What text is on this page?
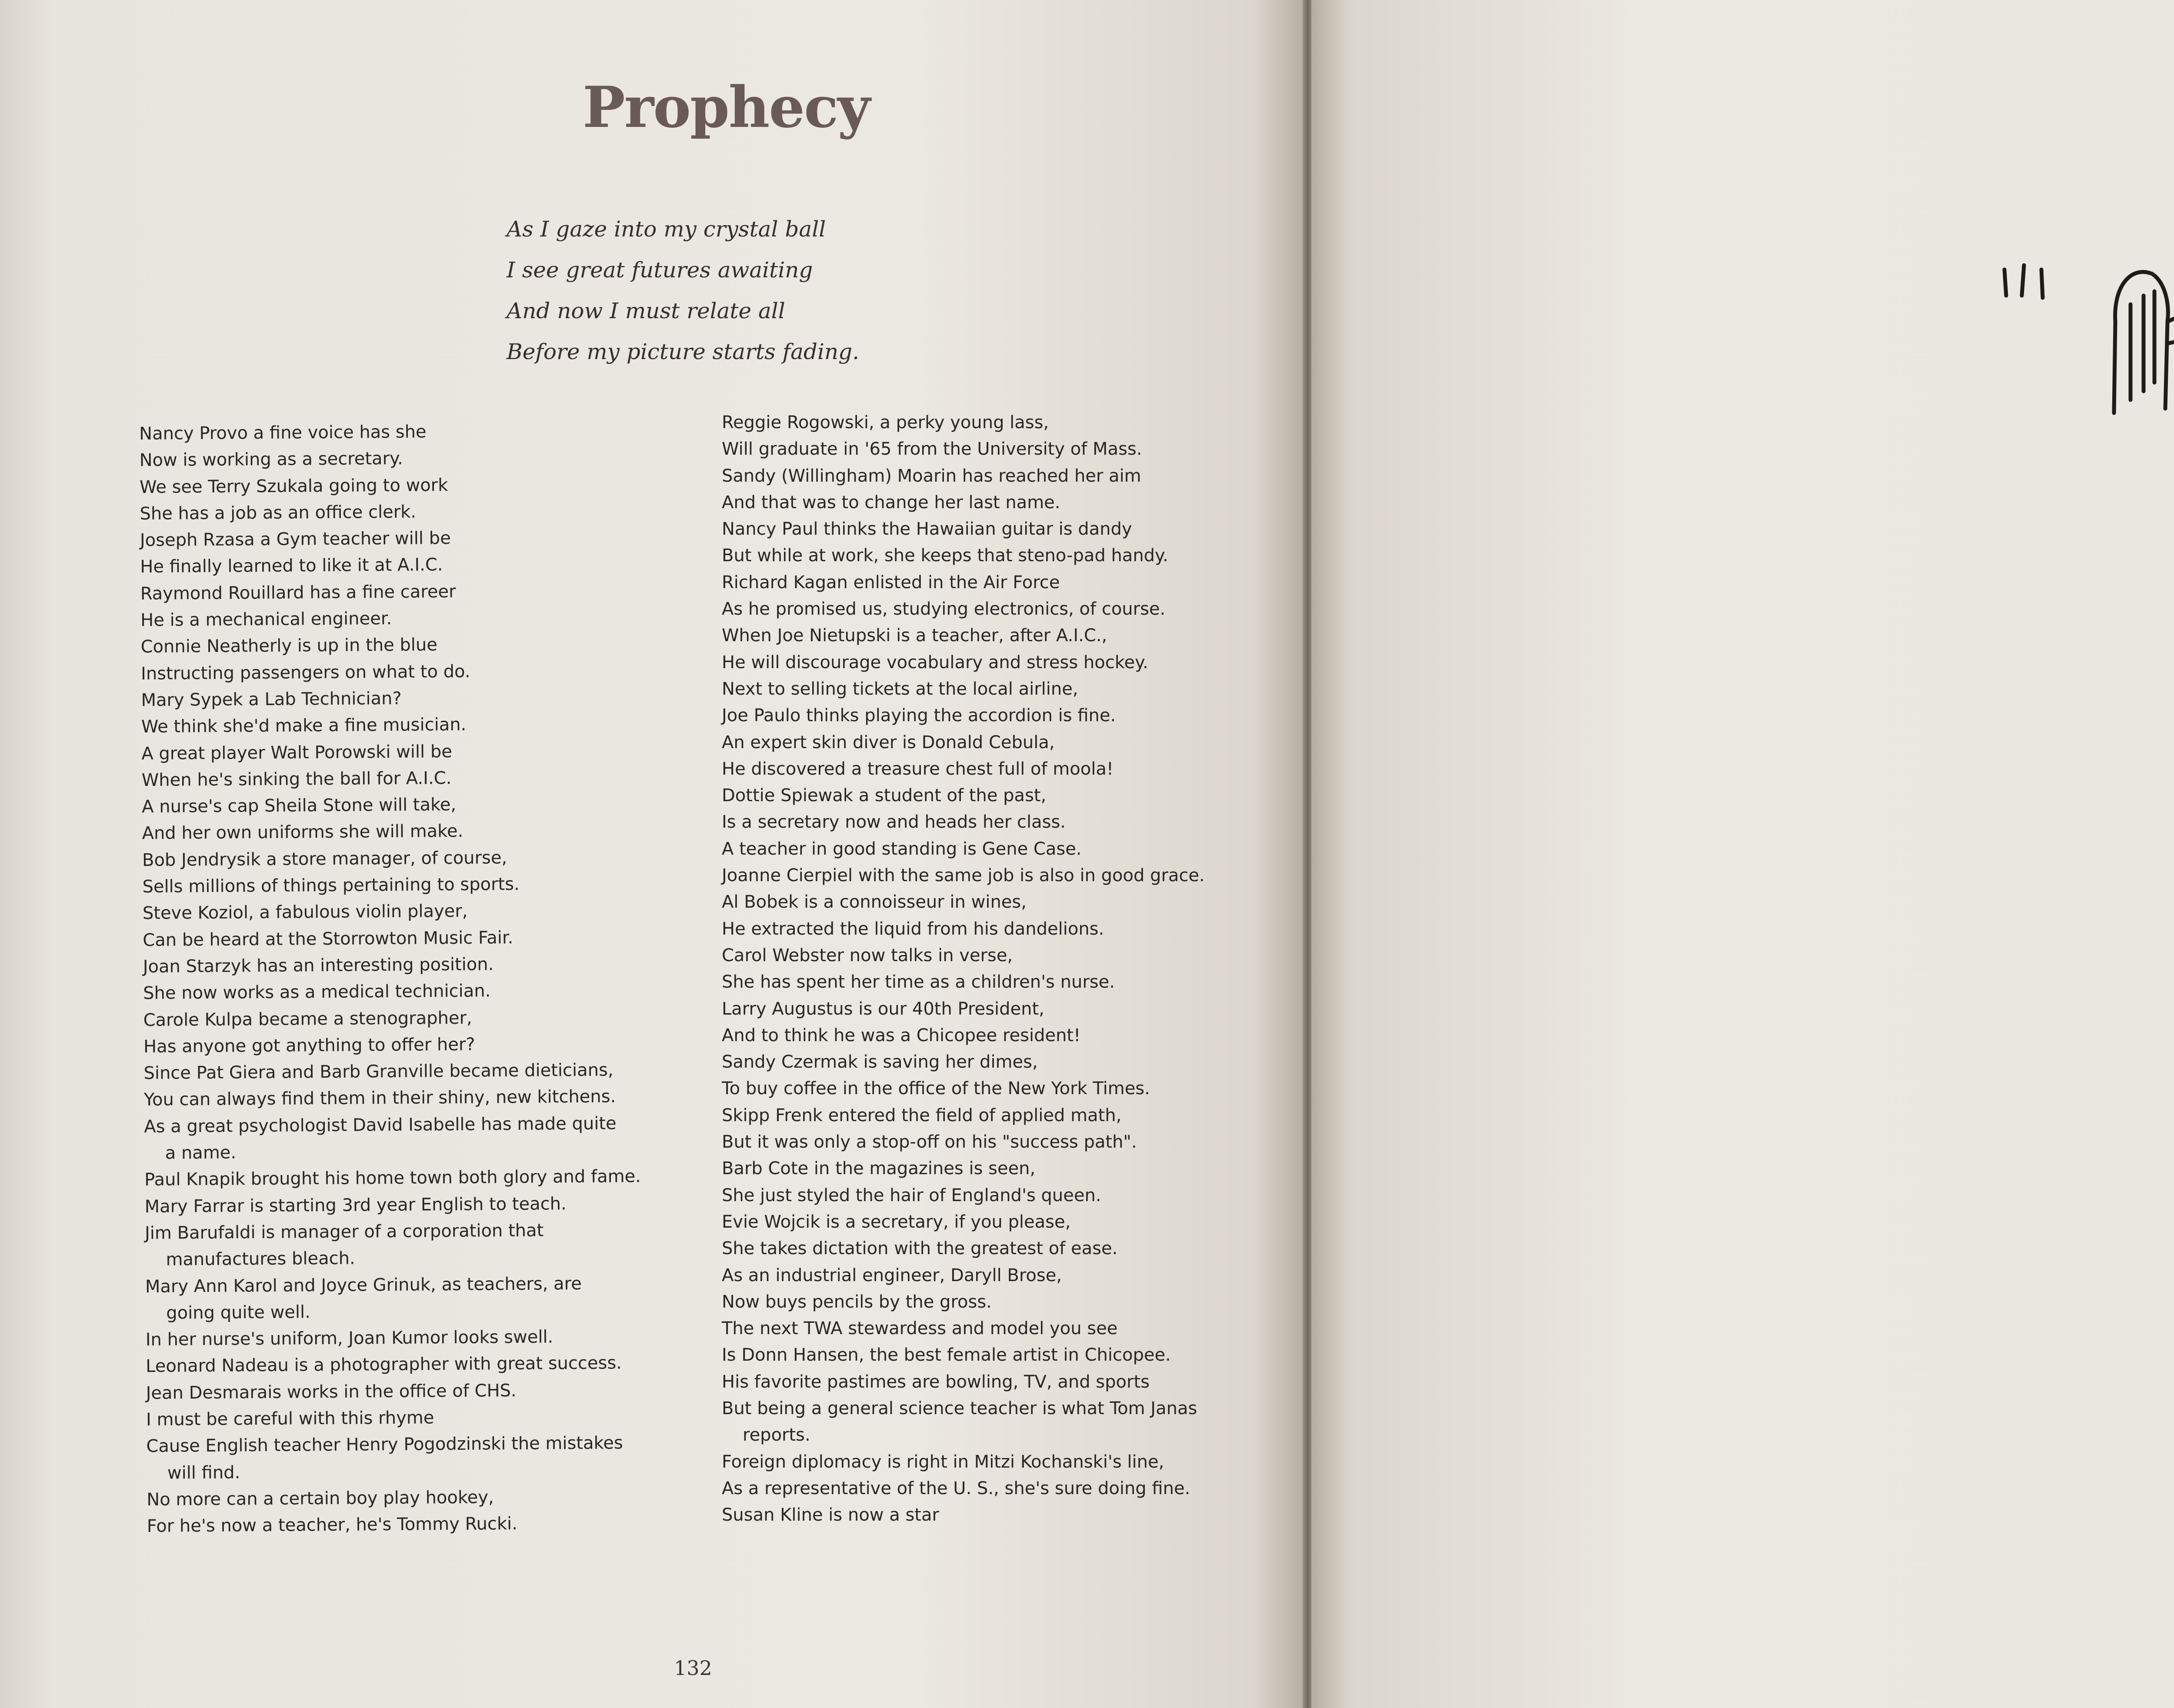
Prophecy
As I gaze into my crystal ball
I see great futures awaiting
And now I must relate all
Before my picture starts fading.
Nancy Provo a fine voice has she
Now is working as a secretary.
We see Terry Szukala going to work
She has a job as an office clerk.
Joseph Rzasa a Gym teacher will be
He finally learned to like it at A.I.C.
Raymond Rouillard has a fine career
He is a mechanical engineer.
Connie Neatherly is up in the blue
Instructing passengers on what to do.
Mary Sypek a Lab Technician?
We think she'd make a fine musician.
A great player Walt Porowski will be
When he's sinking the ball for A.I.C.
A nurse's cap Sheila Stone will take,
And her own uniforms she will make.
Bob Jendrysik a store manager, of course,
Sells millions of things pertaining to sports.
Steve Koziol, a fabulous violin player,
Can be heard at the Storrowton Music Fair.
Joan Starzyk has an interesting position.
She now works as a medical technician.
Carole Kulpa became a stenographer,
Has anyone got anything to offer her?
Since Pat Giera and Barb Granville became dieticians,
You can always find them in their shiny, new kitchens.
As a great psychologist David Isabelle has made quite
a name.
Paul Knapik brought his home town both glory and fame.
Mary Farrar is starting 3rd year English to teach.
Jim Barufaldi is manager of a corporation that
manufactures bleach.
Mary Ann Karol and Joyce Grinuk, as teachers, are
going quite well.
In her nurse's uniform, Joan Kumor looks swell.
Leonard Nadeau is a photographer with great success.
Jean Desmarais works in the office of CHS.
I must be careful with this rhyme
Cause English teacher Henry Pogodzinski the mistakes
will find.
No more can a certain boy play hookey,
For he's now a teacher, he's Tommy Rucki.
Reggie Rogowski, a perky young lass,
Will graduate in '65 from the University of Mass.
Sandy (Willingham) Moarin has reached her aim
And that was to change her last name.
Nancy Paul thinks the Hawaiian guitar is dandy
But while at work, she keeps that steno-pad handy.
Richard Kagan enlisted in the Air Force
As he promised us, studying electronics, of course.
When Joe Nietupski is a teacher, after A.I.C.,
He will discourage vocabulary and stress hockey.
Next to selling tickets at the local airline,
Joe Paulo thinks playing the accordion is fine.
An expert skin diver is Donald Cebula,
He discovered a treasure chest full of moola!
Dottie Spiewak a student of the past,
Is a secretary now and heads her class.
A teacher in good standing is Gene Case.
Joanne Cierpiel with the same job is also in good grace.
Al Bobek is a connoisseur in wines,
He extracted the liquid from his dandelions.
Carol Webster now talks in verse,
She has spent her time as a children's nurse.
Larry Augustus is our 40th President,
And to think he was a Chicopee resident!
Sandy Czermak is saving her dimes,
To buy coffee in the office of the New York Times.
Skipp Frenk entered the field of applied math,
But it was only a stop-off on his "success path".
Barb Cote in the magazines is seen,
She just styled the hair of England's queen.
Evie Wojcik is a secretary, if you please,
She takes dictation with the greatest of ease.
As an industrial engineer, Daryll Brose,
Now buys pencils by the gross.
The next TWA stewardess and model you see
Is Donn Hansen, the best female artist in Chicopee.
His favorite pastimes are bowling, TV, and sports
But being a general science teacher is what Tom Janas
reports.
Foreign diplomacy is right in Mitzi Kochanski's line,
As a representative of the U. S., she's sure doing fine.
Susan Kline is now a star
132
